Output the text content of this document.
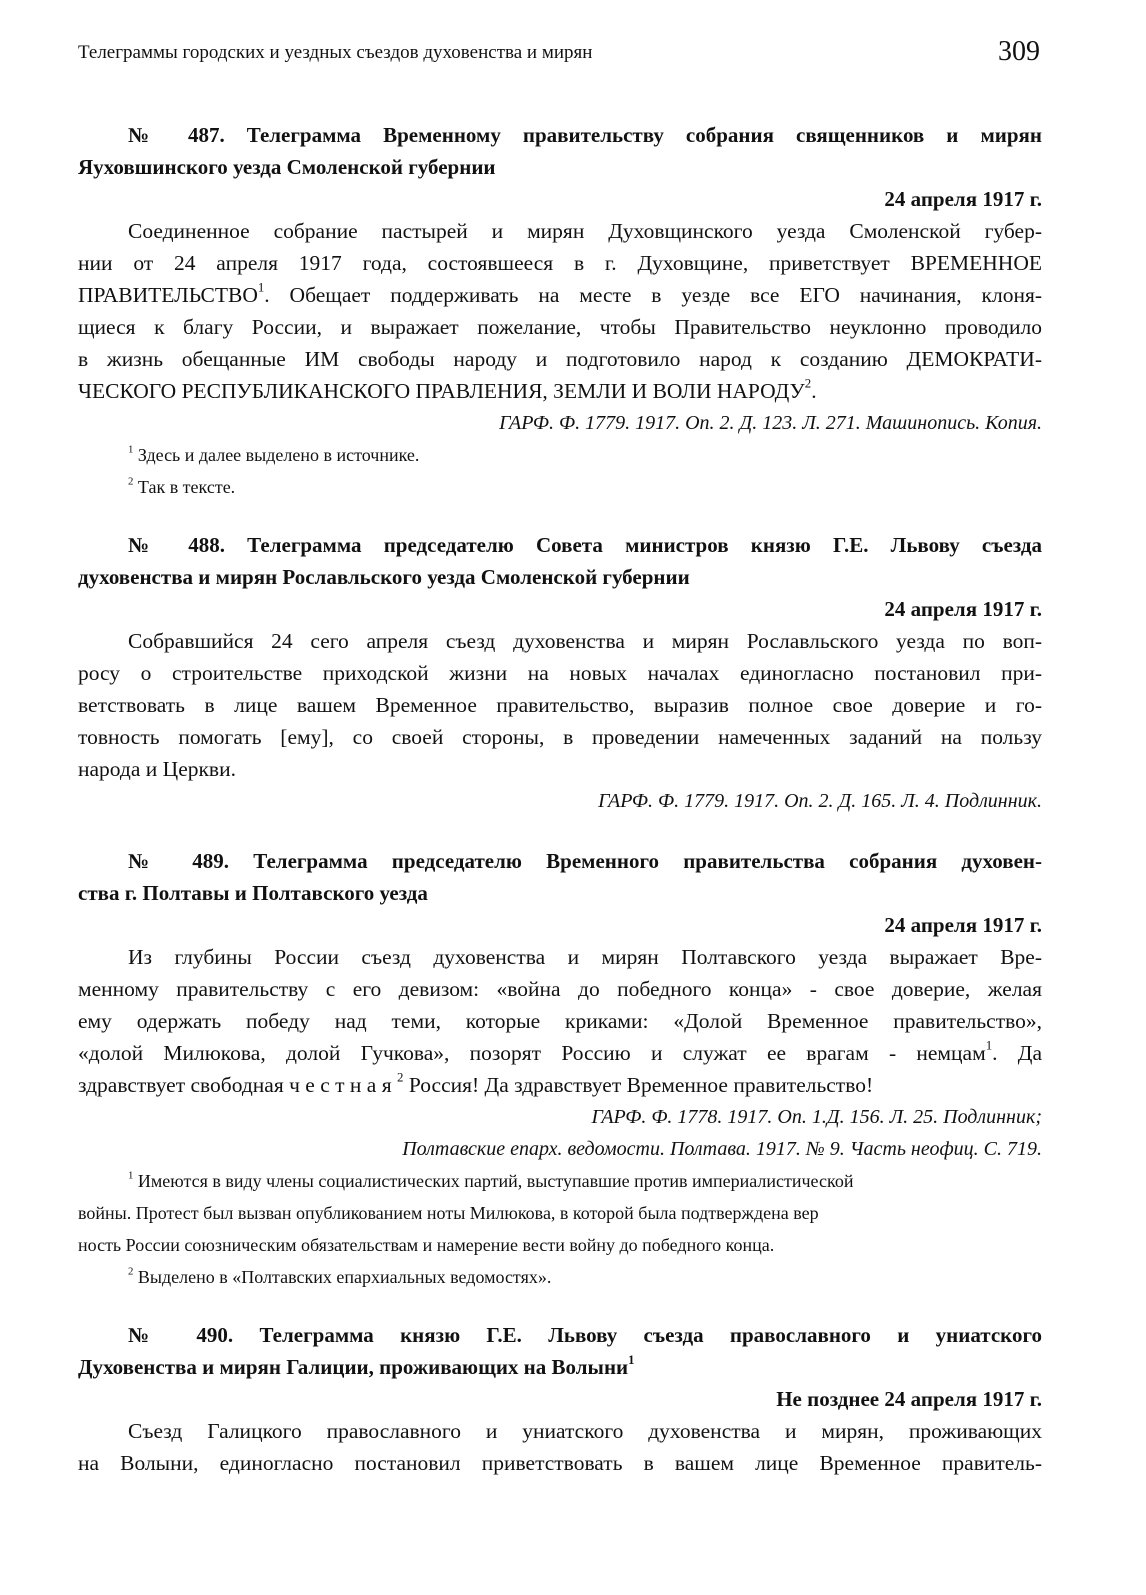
Телеграммы городских и уездных съездов духовенства и мирян	309
№ 487. Телеграмма Временному правительству собрания священников и мирян
Яуховшинского уезда Смоленской губернии
24 апреля 1917 г.
Соединенное собрание пастырей и мирян Духовщинского уезда Смоленской губер-
нии от 24 апреля 1917 года, состоявшееся в г. Духовщине, приветствует ВРЕМЕННОЕ
ПРАВИТЕЛЬСТВО$^1$. Обещает поддерживать на месте в уезде все ЕГО начинания, клоня-
щиеся к благу России, и выражает пожелание, чтобы Правительство неуклонно проводило
в жизнь обещанные ИМ свободы народу и подготовило народ к созданию ДЕМОКРАТИ-
ЧЕСКОГО РЕСПУБЛИКАНСКОГО ПРАВЛЕНИЯ, ЗЕМЛИ И ВОЛИ НАРОДУ$^2$.
ГАРФ. Ф. 1779. 1917. Оп. 2. Д. 123. Л. 271. Машинопись. Копия.
$^1$ Здесь и далее выделено в источнике.
$^2$ Так в тексте.
№ 488. Телеграмма председателю Совета министров князю Г.Е. Львову съезда
духовенства и мирян Рославльского уезда Смоленской губернии
24 апреля 1917 г.
Собравшийся 24 сего апреля съезд духовенства и мирян Рославльского уезда по воп-
росу о строительстве приходской жизни на новых началах единогласно постановил при-
ветствовать в лице вашем Временное правительство, выразив полное свое доверие и го-
товность помогать [ему], со своей стороны, в проведении намеченных заданий на пользу
народа и Церкви.
ГАРФ. Ф. 1779. 1917. Оп. 2. Д. 165. Л. 4. Подлинник.
№ 489. Телеграмма председателю Временного правительства собрания духовен-
ства г. Полтавы и Полтавского уезда
24 апреля 1917 г.
Из глубины России съезд духовенства и мирян Полтавского уезда выражает Вре-
менному правительству с его девизом: «война до победного конца» - свое доверие, желая
ему одержать победу над теми, которые криками: «Долой Временное правительство»,
«долой Милюкова, долой Гучкова», позорят Россию и служат ее врагам - немцам$^1$. Да
здравствует свободная ч е с т н а я $^2$ Россия! Да здравствует Временное правительство!
ГАРФ. Ф. 1778. 1917. Оп. 1.Д. 156. Л. 25. Подлинник;
Полтавские епарх. ведомости. Полтава. 1917. № 9. Часть неофиц. С. 719.
$^1$ Имеются в виду члены социалистических партий, выступавшие против империалистической
войны. Протест был вызван опубликованием ноты Милюкова, в которой была подтверждена вер
ность России союзническим обязательствам и намерение вести войну до победного конца.
$^2$ Выделено в «Полтавских епархиальных ведомостях».
№ 490. Телеграмма князю Г.Е. Львову съезда православного и униатского
Духовенства и мирян Галиции, проживающих на Волыни$^1$
Не позднее 24 апреля 1917 г.
Съезд Галицкого православного и униатского духовенства и мирян, проживающих
на Волыни, единогласно постановил приветствовать в вашем лице Временное правитель-
